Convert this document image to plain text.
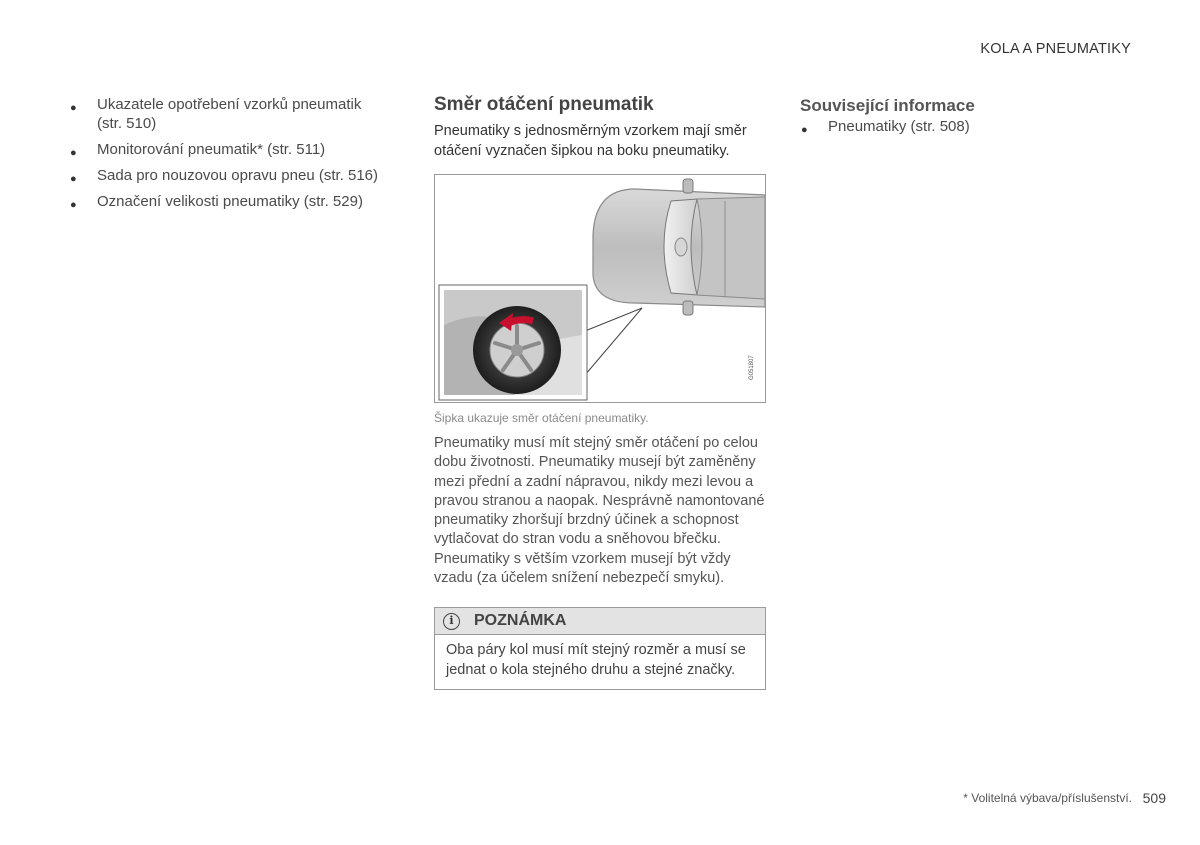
KOLA A PNEUMATIKY
● Ukazatele opotřebení vzorků pneumatik (str. 510)
● Monitorování pneumatik* (str. 511)
● Sada pro nouzovou opravu pneu (str. 516)
● Označení velikosti pneumatiky (str. 529)
Směr otáčení pneumatik

Pneumatiky s jednosměrným vzorkem mají směr otáčení vyznačen šipkou na boku pneumatiky.

G051807
Šipka ukazuje směr otáčení pneumatiky.

Pneumatiky musí mít stejný směr otáčení po celou dobu životnosti. Pneumatiky musejí být zaměněny mezi přední a zadní nápravou, nikdy mezi levou a pravou stranou a naopak. Nesprávně namontované pneumatiky zhoršují brzdný účinek a schopnost vytlačovat do stran vodu a sněhovou břečku. Pneumatiky s větším vzorkem musejí být vždy vzadu (za účelem snížení nebezpečí smyku).

i	POZNÁMKA
Oba páry kol musí mít stejný rozměr a musí se jednat o kola stejného druhu a stejné značky.
Související informace
● Pneumatiky (str. 508)
* Volitelná výbava/příslušenství. 509
